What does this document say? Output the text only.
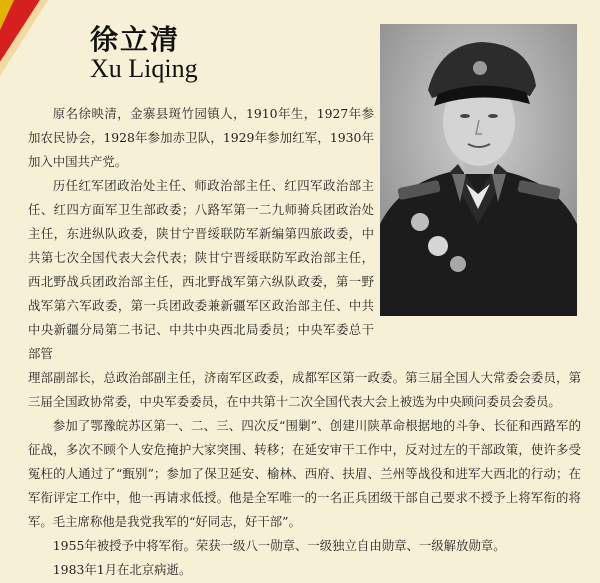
徐立清
Xu Liqing

原名徐映清，金寨县斑竹园镇人，1910年生，1927年参加农民协会，1928年参加赤卫队，1929年参加红军，1930年加入中国共产党。

历任红军团政治处主任、师政治部主任、红四军政治部主任、红四方面军卫生部政委；八路军第一二九师骑兵团政治处主任，东进纵队政委，陕甘宁晋绥联防军新编第四旅政委，中共第七次全国代表大会代表；陕甘宁晋绥联防军政治部主任，西北野战兵团政治部主任，西北野战军第六纵队政委，第一野战军第六军政委，第一兵团政委兼新疆军区政治部主任、中共中央新疆分局第二书记、中共中央西北局委员；中央军委总干部管

理部副部长，总政治部副主任，济南军区政委，成都军区第一政委。第三届全国人大常委会委员，第三届全国政协常委，中央军委委员，在中共第十二次全国代表大会上被选为中央顾问委员会委员。

参加了鄂豫皖苏区第一、二、三、四次反“围剿”、创建川陕革命根据地的斗争、长征和西路军的征战，多次不顾个人安危掩护大家突围、转移；在延安审干工作中，反对过左的干部政策，使许多受冤枉的人通过了“甄别”；参加了保卫延安、榆林、西府、扶眉、兰州等战役和进军大西北的行动；在军衔评定工作中，他一再请求低授。他是全军唯一的一名正兵团级干部自己要求不授予上将军衔的将军。毛主席称他是我党我军的“好同志，好干部”。

1955年被授予中将军衔。荣获一级八一勋章、一级独立自由勋章、一级解放勋章。

1983年1月在北京病逝。
